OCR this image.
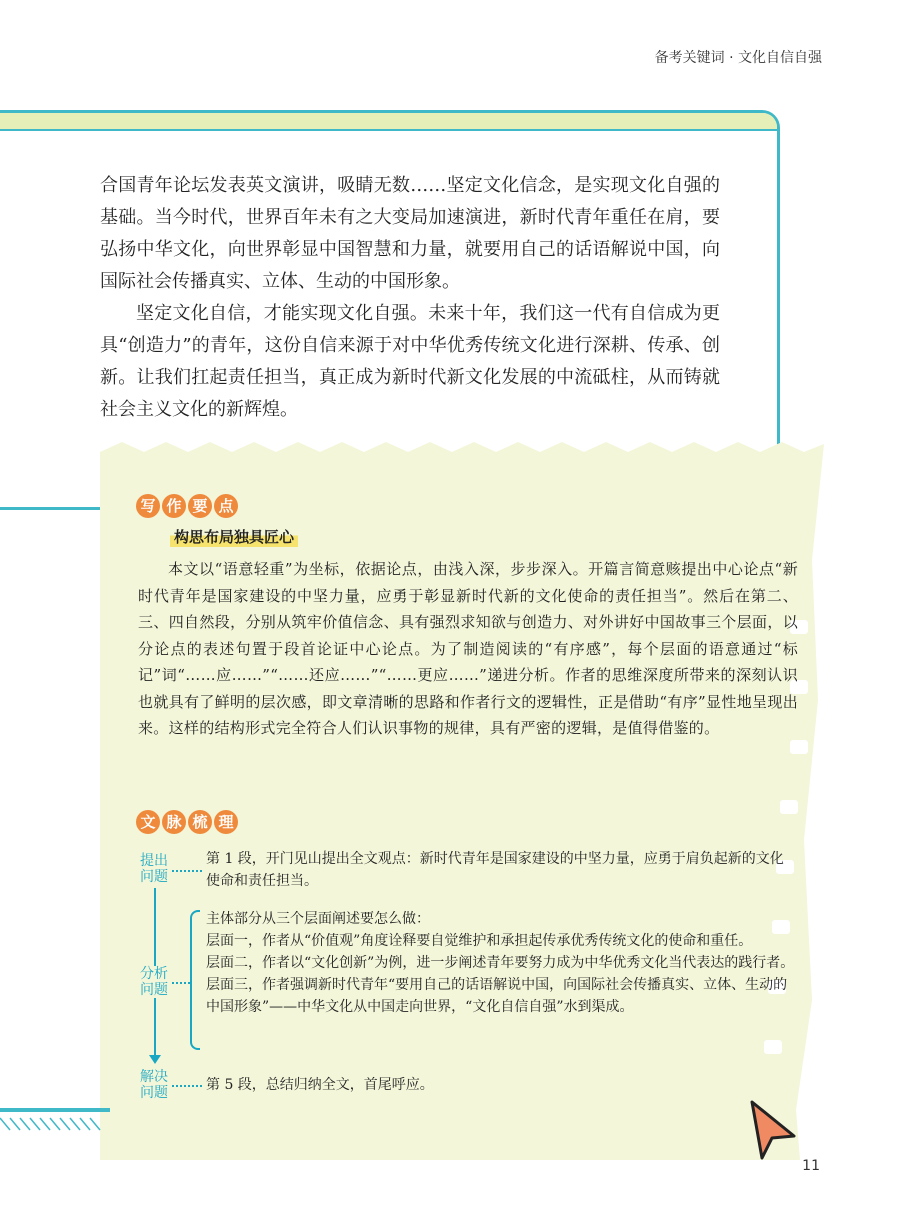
备考关键词 · 文化自信自强

合国青年论坛发表英文演讲，吸睛无数……坚定文化信念，是实现文化自强的基础。当今时代，世界百年未有之大变局加速演进，新时代青年重任在肩，要弘扬中华文化，向世界彰显中国智慧和力量，就要用自己的话语解说中国，向国际社会传播真实、立体、生动的中国形象。

坚定文化自信，才能实现文化自强。未来十年，我们这一代有自信成为更具“创造力”的青年，这份自信来源于对中华优秀传统文化进行深耕、传承、创新。让我们扛起责任担当，真正成为新时代新文化发展的中流砥柱，从而铸就社会主义文化的新辉煌。

写 作 要 点
构思布局独具匠心

本文以“语意轻重”为坐标，依据论点，由浅入深，步步深入。开篇言简意赅提出中心论点“新时代青年是国家建设的中坚力量，应勇于彰显新时代新的文化使命的责任担当”。然后在第二、三、四自然段，分别从筑牢价值信念、具有强烈求知欲与创造力、对外讲好中国故事三个层面，以分论点的表述句置于段首论证中心论点。为了制造阅读的“有序感”，每个层面的语意通过“标记”词“……应……”“……还应……”“……更应……”递进分析。作者的思维深度所带来的深刻认识也就具有了鲜明的层次感，即文章清晰的思路和作者行文的逻辑性，正是借助“有序”显性地呈现出来。这样的结构形式完全符合人们认识事物的规律，具有严密的逻辑，是值得借鉴的。

文 脉 梳 理
提出
问题
第 1 段，开门见山提出全文观点：新时代青年是国家建设的中坚力量，应勇于肩负起新的文化使命和责任担当。
分析
问题
主体部分从三个层面阐述要怎么做：
层面一，作者从“价值观”角度诠释要自觉维护和承担起传承优秀传统文化的使命和重任。
层面二，作者以“文化创新”为例，进一步阐述青年要努力成为中华优秀文化当代表达的践行者。
层面三，作者强调新时代青年“要用自己的话语解说中国，向国际社会传播真实、立体、生动的中国形象”——中华文化从中国走向世界，“文化自信自强”水到渠成。
解决
问题	第 5 段，总结归纳全文，首尾呼应。
11
